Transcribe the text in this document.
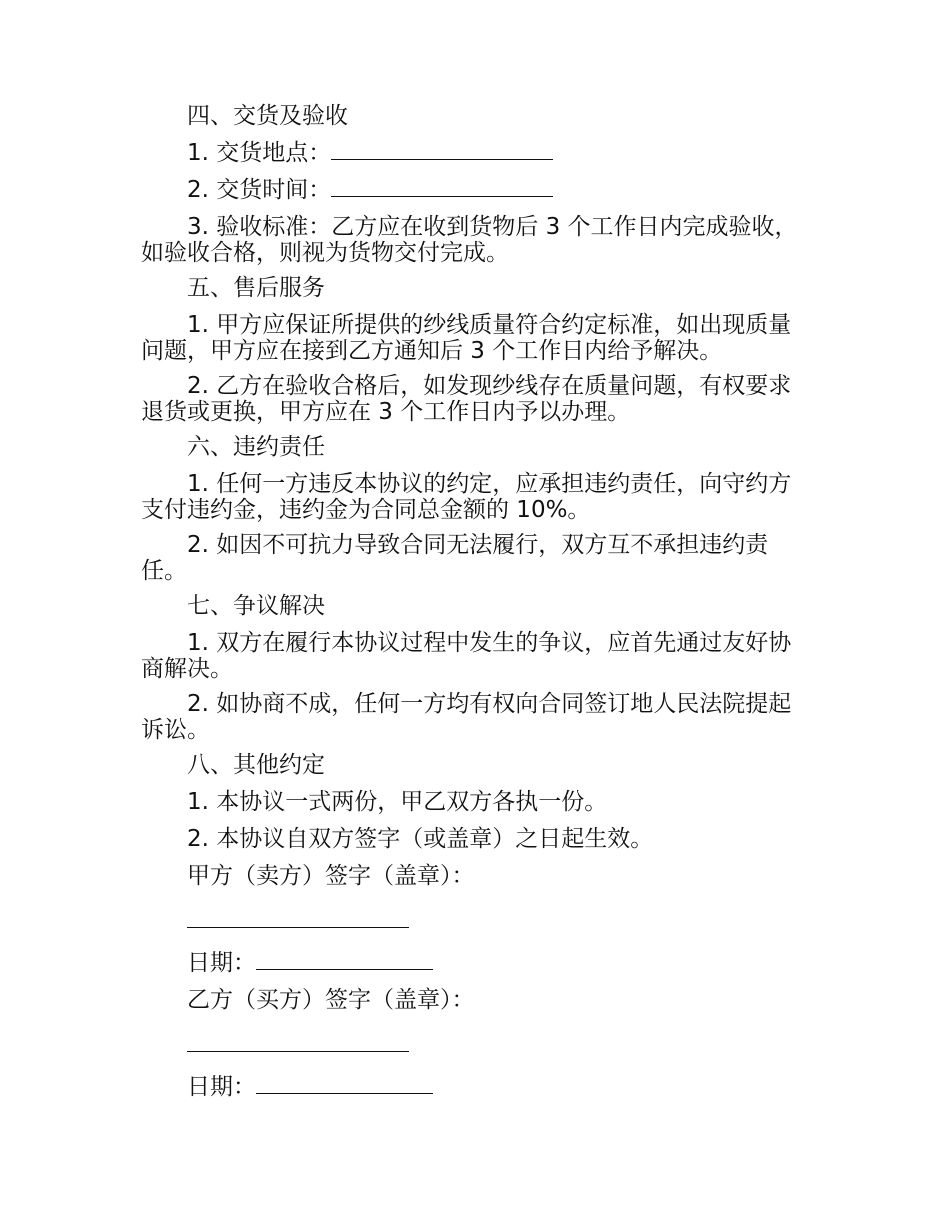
四、交货及验收

1. 交货地点：

2. 交货时间：

3. 验收标准：乙方应在收到货物后 3 个工作日内完成验收，如验收合格，则视为货物交付完成。

五、售后服务

1. 甲方应保证所提供的纱线质量符合约定标准，如出现质量问题，甲方应在接到乙方通知后 3 个工作日内给予解决。

2. 乙方在验收合格后，如发现纱线存在质量问题，有权要求退货或更换，甲方应在 3 个工作日内予以办理。

六、违约责任

1. 任何一方违反本协议的约定，应承担违约责任，向守约方支付违约金，违约金为合同总金额的 10%。

2. 如因不可抗力导致合同无法履行，双方互不承担违约责任。

七、争议解决

1. 双方在履行本协议过程中发生的争议，应首先通过友好协商解决。

2. 如协商不成，任何一方均有权向合同签订地人民法院提起诉讼。

八、其他约定

1. 本协议一式两份，甲乙双方各执一份。

2. 本协议自双方签字（或盖章）之日起生效。

甲方（卖方）签字（盖章）：

日期：

乙方（买方）签字（盖章）：

日期：
